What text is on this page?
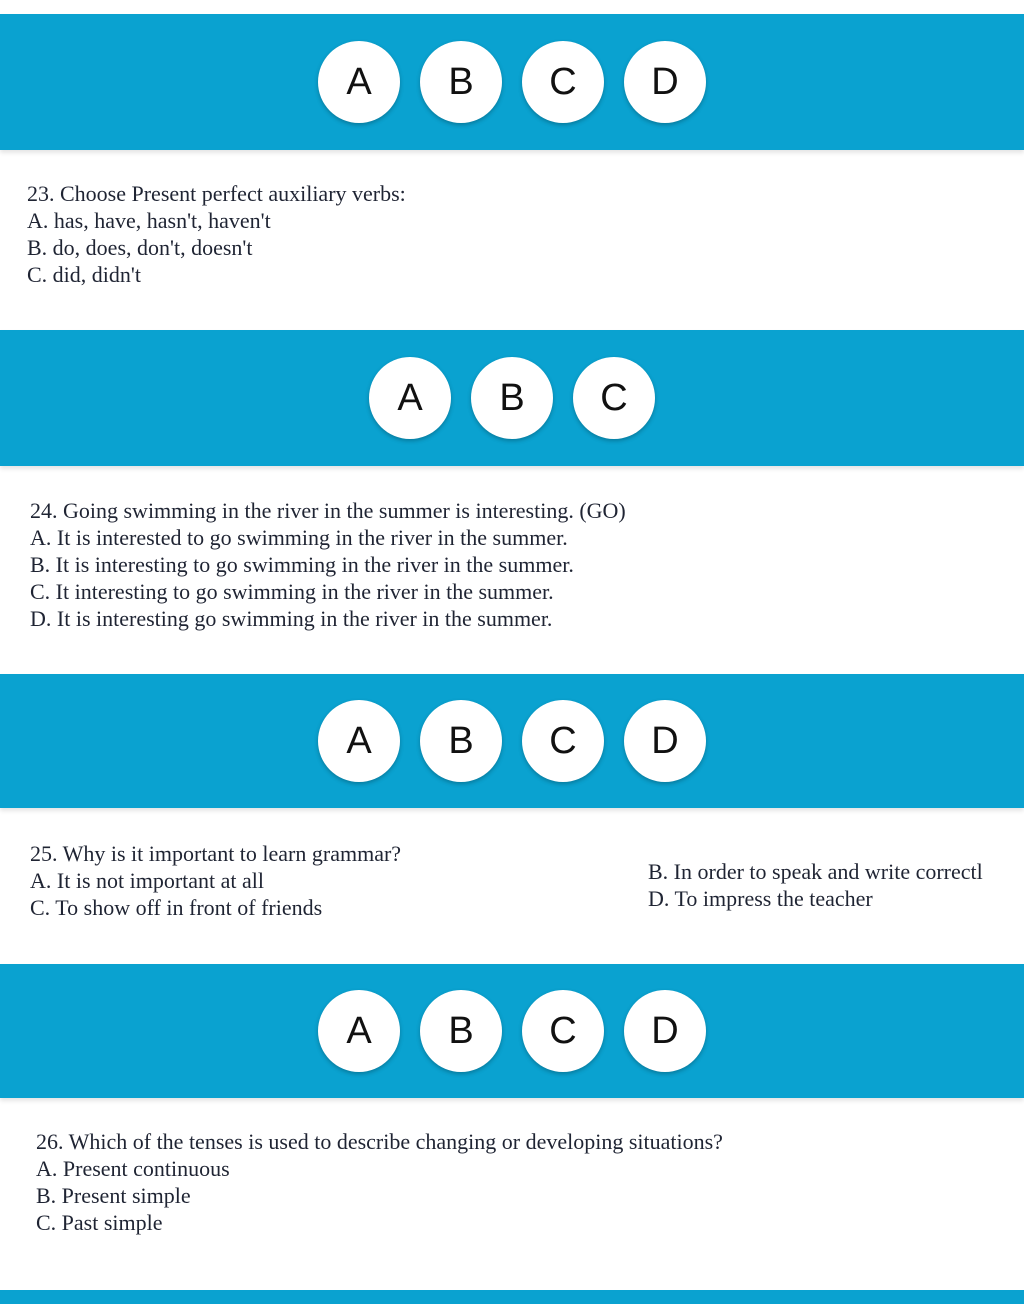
A	B	C	D
23. Choose Present perfect auxiliary verbs:
A. has, have, hasn't, haven't
B. do, does, don't, doesn't
C. did, didn't
A	B	C
24. Going swimming in the river in the summer is interesting. (GO)
A. It is interested to go swimming in the river in the summer.
B. It is interesting to go swimming in the river in the summer.
C. It interesting to go swimming in the river in the summer.
D. It is interesting go swimming in the river in the summer.
A	B	C	D
25. Why is it important to learn grammar?
A. It is not important at all
C. To show off in front of friends
B. In order to speak and write correctl
D. To impress the teacher
A	B	C	D
26. Which of the tenses is used to describe changing or developing situations?
A. Present continuous
B. Present simple
C. Past simple
